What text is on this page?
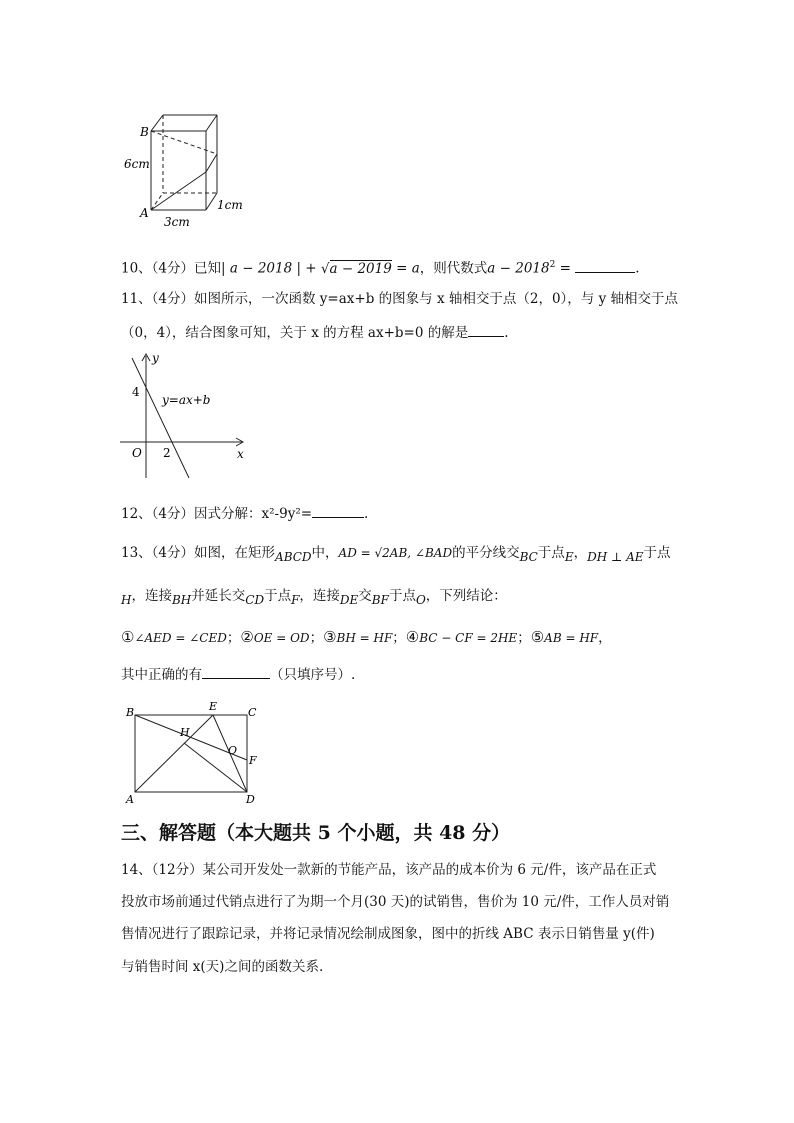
B
A
6cm
3cm
1cm
10、（4分）已知| a − 2018 | + √a − 2019 = a，则代数式$a - 2018^2$ =	.
11、（4分）如图所示，一次函数 y=ax+b 的图象与 x 轴相交于点（2，0），与 y 轴相交于点
（0，4），结合图象可知，关于 x 的方程 ax+b=0 的解是	.
y
x
O 2
4
y=ax+b
12、（4分）因式分解：x²-9y²=	.
13、（4分）如图，在矩形ABCD中，AD = √2AB, ∠BAD的平分线交BC于点E，DH ⊥ AE于点
H，连接BH并延长交CD于点F，连接DE交BF于点O，下列结论：
①∠AED = ∠CED；②OE = OD；③BH = HF；④BC − CF = 2HE；⑤AB = HF，
其中正确的有	（只填序号）.
B	E	C
H
O
F
A	D
三、解答题（本大题共 5 个小题，共 48 分）
14、（12分）某公司开发处一款新的节能产品，该产品的成本价为 6 元/件，该产品在正式
投放市场前通过代销点进行了为期一个月(30 天)的试销售，售价为 10 元/件，工作人员对销
售情况进行了跟踪记录，并将记录情况绘制成图象，图中的折线 ABC 表示日销售量 y(件)
与销售时间 x(天)之间的函数关系.
